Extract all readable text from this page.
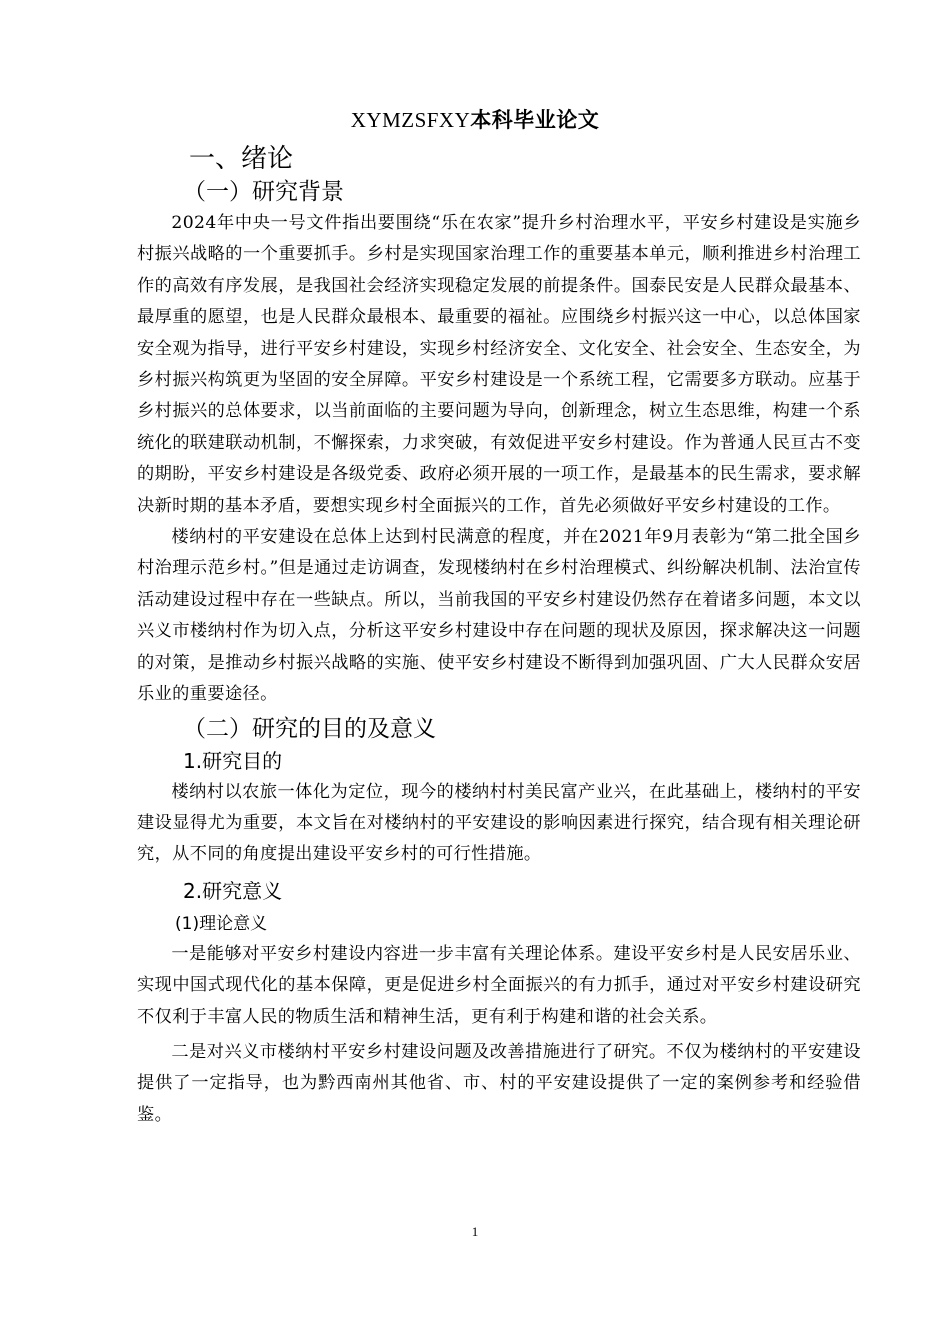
XYMZSFXY本科毕业论文
一、绪论
（一）研究背景

2024年中央一号文件指出要围绕“乐在农家”提升乡村治理水平，平安乡村建设是实施乡村振兴战略的一个重要抓手。乡村是实现国家治理工作的重要基本单元，顺利推进乡村治理工作的高效有序发展，是我国社会经济实现稳定发展的前提条件。国泰民安是人民群众最基本、最厚重的愿望，也是人民群众最根本、最重要的福祉。应围绕乡村振兴这一中心，以总体国家安全观为指导，进行平安乡村建设，实现乡村经济安全、文化安全、社会安全、生态安全，为乡村振兴构筑更为坚固的安全屏障。平安乡村建设是一个系统工程，它需要多方联动。应基于乡村振兴的总体要求，以当前面临的主要问题为导向，创新理念，树立生态思维，构建一个系统化的联建联动机制，不懈探索，力求突破，有效促进平安乡村建设。作为普通人民亘古不变的期盼，平安乡村建设是各级党委、政府必须开展的一项工作，是最基本的民生需求，要求解决新时期的基本矛盾，要想实现乡村全面振兴的工作，首先必须做好平安乡村建设的工作。

楼纳村的平安建设在总体上达到村民满意的程度，并在2021年9月表彰为“第二批全国乡村治理示范乡村。”但是通过走访调查，发现楼纳村在乡村治理模式、纠纷解决机制、法治宣传活动建设过程中存在一些缺点。所以，当前我国的平安乡村建设仍然存在着诸多问题，本文以兴义市楼纳村作为切入点，分析这平安乡村建设中存在问题的现状及原因，探求解决这一问题的对策，是推动乡村振兴战略的实施、使平安乡村建设不断得到加强巩固、广大人民群众安居乐业的重要途径。

（二）研究的目的及意义
1.研究目的

楼纳村以农旅一体化为定位，现今的楼纳村村美民富产业兴，在此基础上，楼纳村的平安建设显得尤为重要，本文旨在对楼纳村的平安建设的影响因素进行探究，结合现有相关理论研究，从不同的角度提出建设平安乡村的可行性措施。

2.研究意义
(1)理论意义

一是能够对平安乡村建设内容进一步丰富有关理论体系。建设平安乡村是人民安居乐业、实现中国式现代化的基本保障，更是促进乡村全面振兴的有力抓手，通过对平安乡村建设研究不仅利于丰富人民的物质生活和精神生活，更有利于构建和谐的社会关系。

二是对兴义市楼纳村平安乡村建设问题及改善措施进行了研究。不仅为楼纳村的平安建设提供了一定指导，也为黔西南州其他省、市、村的平安建设提供了一定的案例参考和经验借鉴。

1
